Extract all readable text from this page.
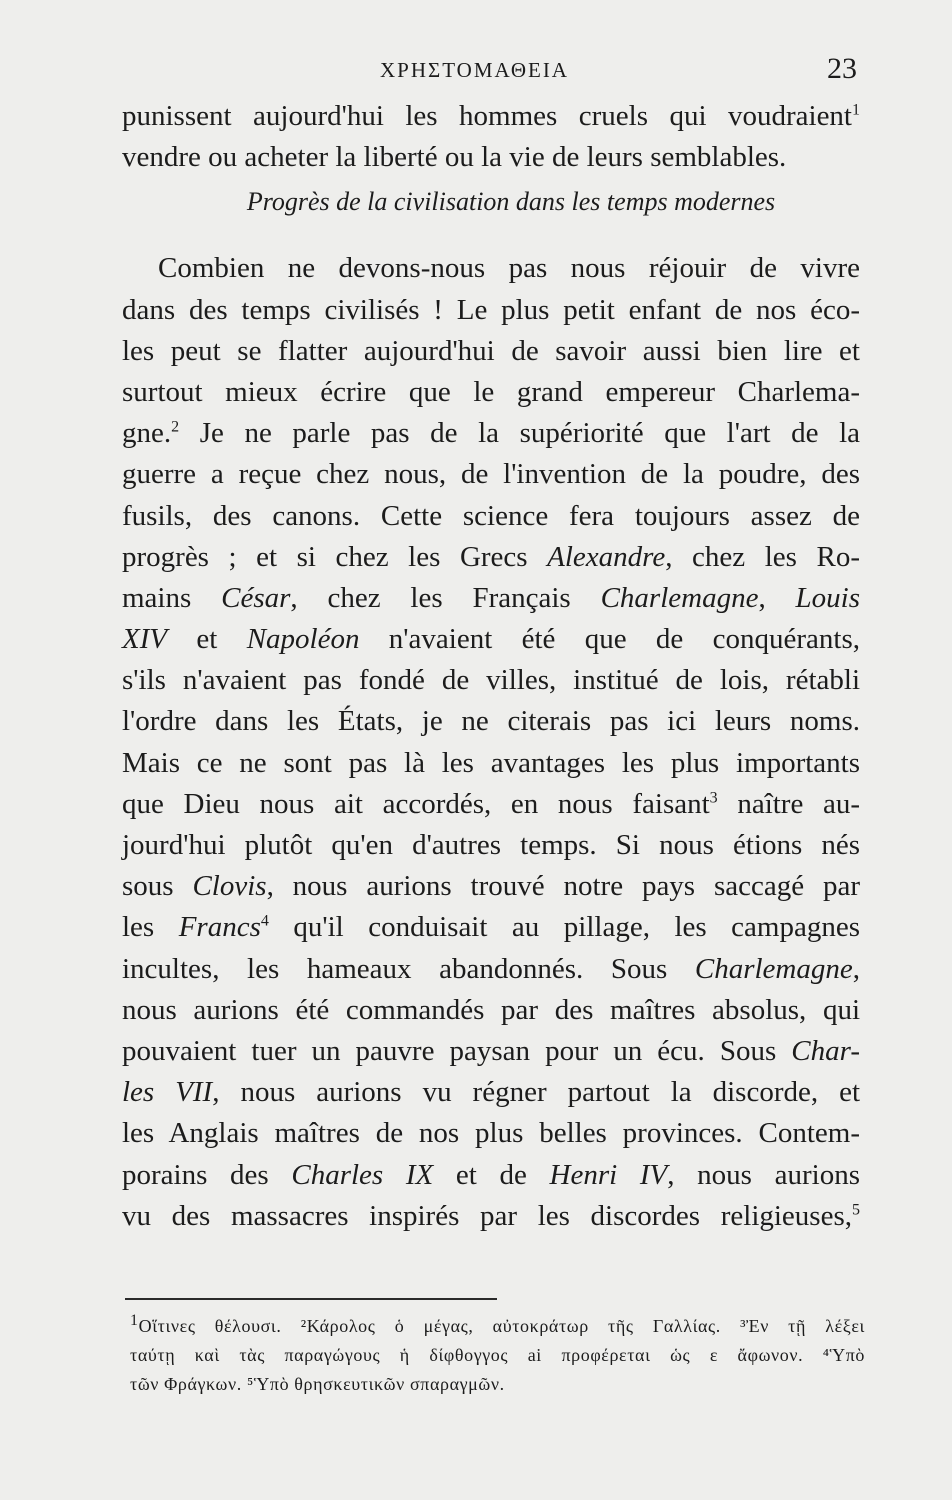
ΧΡΗΣΤΟΜΑΘΕΙΑ	23
punissent aujourd'hui les hommes cruels qui voudraient$^1$
vendre ou acheter la liberté ou la vie de leurs semblables.
Progrès de la civilisation dans les temps modernes
Combien ne devons-nous pas nous réjouir de vivre
dans des temps civilisés ! Le plus petit enfant de nos éco-
les peut se flatter aujourd'hui de savoir aussi bien lire et
surtout mieux écrire que le grand empereur Charlema-
gne.$^2$ Je ne parle pas de la supériorité que l'art de la
guerre a reçue chez nous, de l'invention de la poudre, des
fusils, des canons. Cette science fera toujours assez de
progrès ; et si chez les Grecs Alexandre, chez les Ro-
mains César, chez les Français Charlemagne, Louis
XIV et Napoléon n'avaient été que de conquérants,
s'ils n'avaient pas fondé de villes, institué de lois, rétabli
l'ordre dans les États, je ne citerais pas ici leurs noms.
Mais ce ne sont pas là les avantages les plus importants
que Dieu nous ait accordés, en nous faisant$^3$ naître au-
jourd'hui plutôt qu'en d'autres temps. Si nous étions nés
sous Clovis, nous aurions trouvé notre pays saccagé par
les Francs$^4$ qu'il conduisait au pillage, les campagnes
incultes, les hameaux abandonnés. Sous Charlemagne,
nous aurions été commandés par des maîtres absolus, qui
pouvaient tuer un pauvre paysan pour un écu. Sous Char-
les VII, nous aurions vu régner partout la discorde, et
les Anglais maîtres de nos plus belles provinces. Contem-
porains des Charles IX et de Henri IV, nous aurions
vu des massacres inspirés par les discordes religieuses,$^5$
$^1$Οἵτινες θέλουσι. ²Κάρολος ὁ μέγας, αὐτοκράτωρ τῆς Γαλλίας. ³Ἐν τῇ λέξει
ταύτῃ καὶ τὰς παραγώγους ἡ δίφθογγος ai προφέρεται ὡς ε ἄφωνον. ⁴Ὑπὸ
τῶν Φράγκων. ⁵Ὑπὸ θρησκευτικῶν σπαραγμῶν.
